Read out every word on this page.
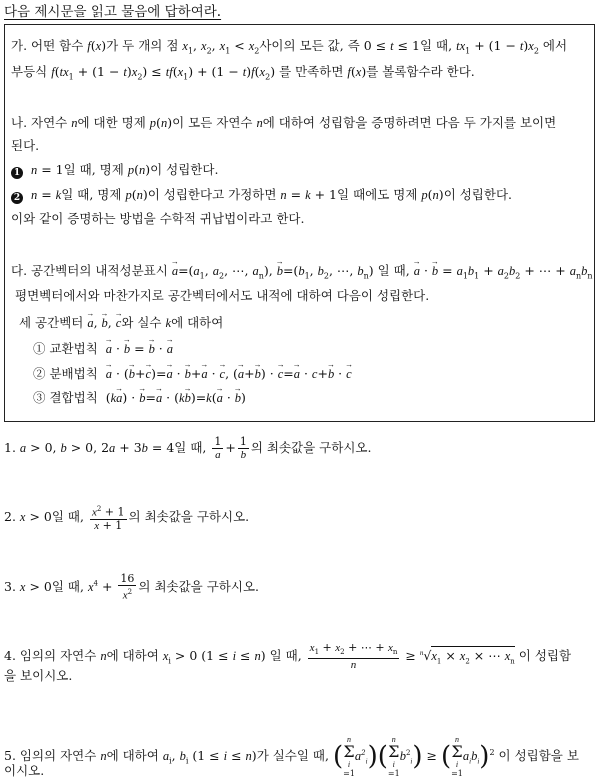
다음 제시문을 읽고 물음에 답하여라.
가. 어떤 함수 f(x)가 두 개의 점 $x_1$, $x_2$, $x_1 < x_2$사이의 모든 값, 즉 0 ≤ t ≤ 1일 때, $tx_1 + (1 - t)x_2$ 에서
부등식 $f(tx_1 + (1 - t)x_2) \le tf(x_1) + (1 - t)f(x_2)$ 를 만족하면 f(x)를 볼록함수라 한다.
나. 자연수 n에 대한 명제 p(n)이 모든 자연수 n에 대하여 성립함을 증명하려면 다음 두 가지를 보이면
된다.
1 n = 1일 때, 명제 p(n)이 성립한다.
2 n = k일 때, 명제 p(n)이 성립한다고 가정하면 n = k + 1일 때에도 명제 p(n)이 성립한다.
이와 같이 증명하는 방법을 수학적 귀납법이라고 한다.
다. 공간벡터의 내적성분표시 → $a=(a_1$, $a_2$, ⋯, $a_n$), → $b=(b_1$, $b_2$, ⋯, $b_n$) 일 때, → a · → $b = a_1b_1 + a_2b_2$ + ⋯ + $a_nb_n$
평면벡터에서와 마찬가지로 공간벡터에서도 내적에 대하여 다음이 성립한다.
세 공간벡터 → a, → b, → c와 실수 k에 대하여
① 교환법칙 → a · → b = → b · → a
② 분배법칙 → a · (→ b+→ c)=→ a · → b+→ a · → c, (→ a+→ b) · → c=→ a · c+→ b · → c
③ 결합법칙  (k→ a) · → b=→ a · (k→ b)=k(→ a · → b)
1. a > 0, b > 0, 2a + 3b = 4일 때, $\frac{1}{a} + \frac{1}{b}$ 의 최솟값을 구하시오.
2. x > 0일 때, $\frac{x^2 + 1}{x + 1}$ 의 최솟값을 구하시오.
3. x > 0일 때, $x^4 + \frac{16}{x^2}$ 의 최솟값을 구하시오.
4. 임의의 자연수 n에 대하여 $x_i > 0$ (1 ≤ i ≤ n) 일 때, $\frac{x_1 + x_2 + \cdots + x_n}{n} \ge ^n√x_1 \times x_2$ × ⋯ $x_n$ 이 성립함
을 보이시오.
5. 임의의 자연수 n에 대하여 $a_i$, $b_i$ (1 ≤ i ≤ n)가 실수일 때, (
n
Σ
i
$=1a^2_i$)(
n
Σ
i
$=1b^2_i$) ≥ (
n
Σ
i
$=1a_ib_i)^2$ 이 성립함을 보
이시오.
